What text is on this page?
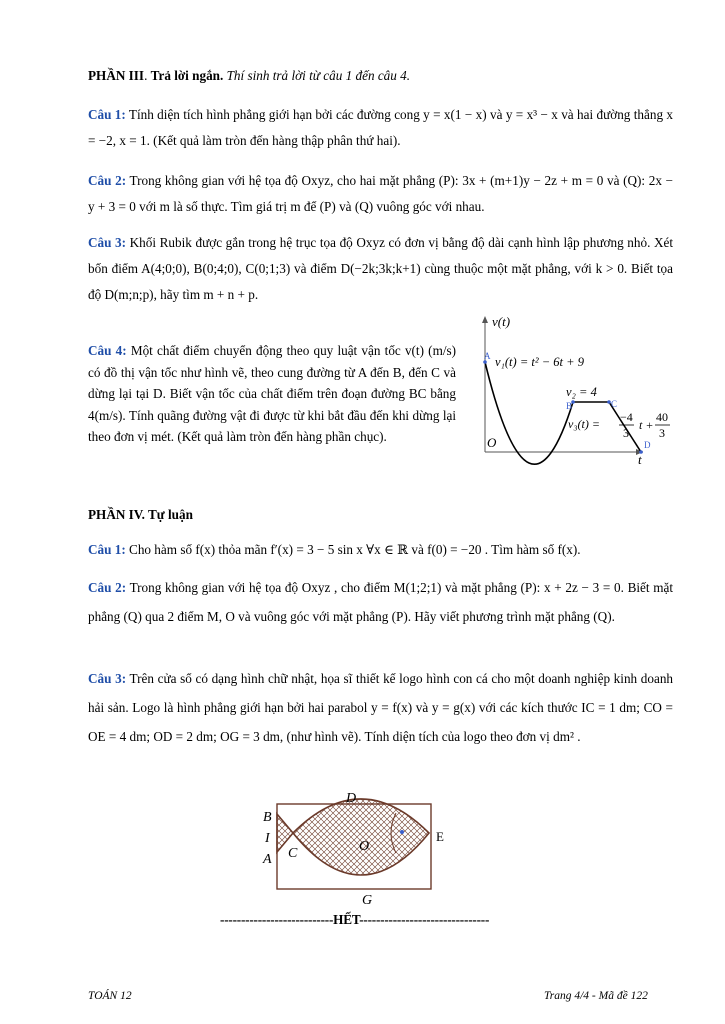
PHẦN III. Trả lời ngắn. Thí sinh trả lời từ câu 1 đến câu 4.
Câu 1: Tính diện tích hình phẳng giới hạn bởi các đường cong y = x(1 − x) và y = x³ − x và hai đường thẳng x = −2, x = 1. (Kết quả làm tròn đến hàng thập phân thứ hai).
Câu 2: Trong không gian với hệ tọa độ Oxyz, cho hai mặt phẳng (P): 3x + (m+1)y − 2z + m = 0 và (Q): 2x − y + 3 = 0 với m là số thực. Tìm giá trị m để (P) và (Q) vuông góc với nhau.
Câu 3: Khối Rubik được gắn trong hệ trục tọa độ Oxyz có đơn vị bằng độ dài cạnh hình lập phương nhỏ. Xét bốn điểm A(4;0;0), B(0;4;0), C(0;1;3) và điểm D(−2k;3k;k+1) cùng thuộc một mặt phẳng, với k > 0. Biết tọa độ D(m;n;p), hãy tìm m + n + p.
Câu 4: Một chất điểm chuyển động theo quy luật vận tốc v(t) (m/s) có đồ thị vận tốc như hình vẽ, theo cung đường từ A đến B, đến C và dừng lại tại D. Biết vận tốc của chất điểm trên đoạn đường BC bằng 4(m/s). Tính quãng đường vật đi được từ khi bắt đầu đến khi dừng lại theo đơn vị mét. (Kết quả làm tròn đến hàng phần chục).
v(t)
t
O
A
B	C
D
v₁(t) = t² − 6t + 9
v₂ = 4
v₃(t) = −4
3
t +
40
3
PHẦN IV. Tự luận
Câu 1: Cho hàm số f(x) thỏa mãn f′(x) = 3 − 5 sin x ∀x ∈ ℝ và f(0) = −20 . Tìm hàm số f(x).
Câu 2: Trong không gian với hệ tọa độ Oxyz , cho điểm M(1;2;1) và mặt phẳng (P): x + 2z − 3 = 0. Biết mặt phẳng (Q) qua 2 điểm M, O và vuông góc với mặt phẳng (P). Hãy viết phương trình mặt phẳng (Q).
Câu 3: Trên cửa sổ có dạng hình chữ nhật, họa sĩ thiết kế logo hình con cá cho một doanh nghiệp kinh doanh hải sản. Logo là hình phẳng giới hạn bởi hai parabol y = f(x) và y = g(x) với các kích thước IC = 1 dm; CO = OE = 4 dm; OD = 2 dm; OG = 3 dm, (như hình vẽ). Tính diện tích của logo theo đơn vị dm² .
B
I
A C	O
D
E
G
---------------------------HẾT-------------------------------
TOÁN 12	Trang 4/4 - Mã đề 122
